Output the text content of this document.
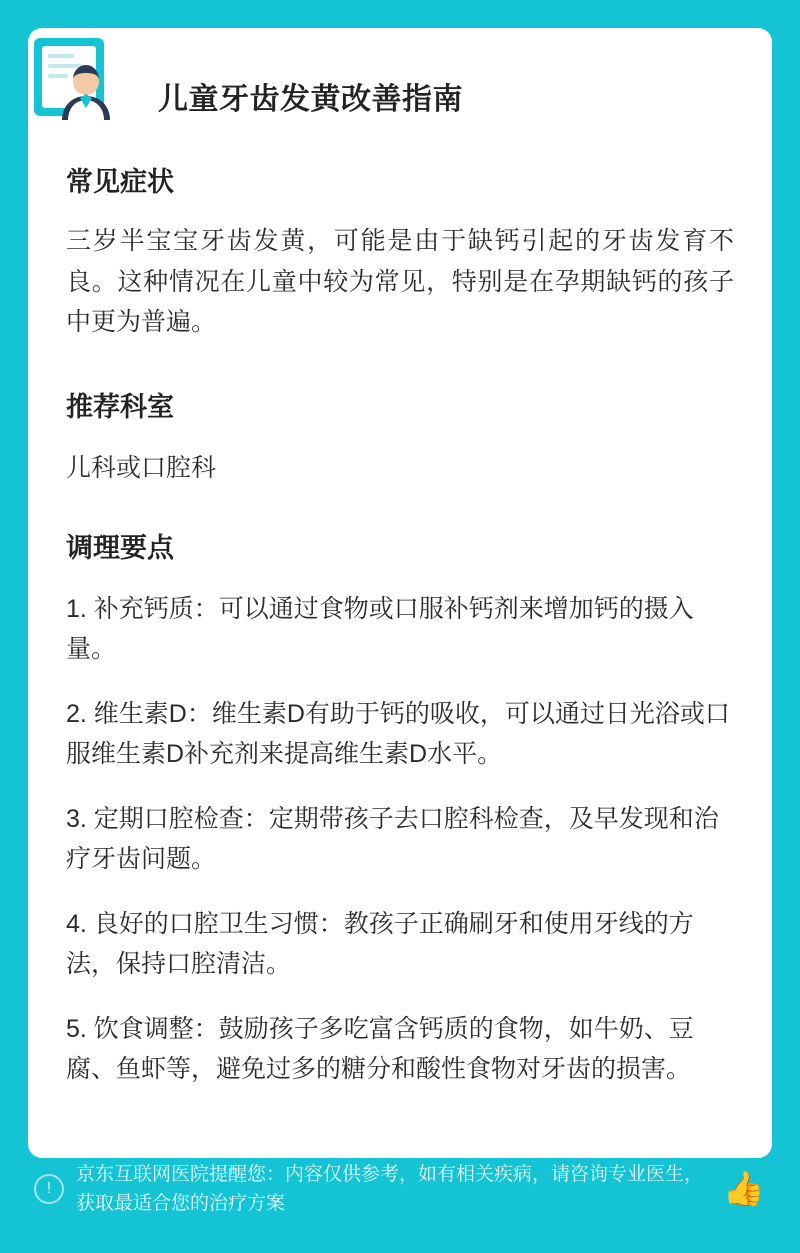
儿童牙齿发黄改善指南
常见症状

三岁半宝宝牙齿发黄，可能是由于缺钙引起的牙齿发育不良。这种情况在儿童中较为常见，特别是在孕期缺钙的孩子中更为普遍。

推荐科室

儿科或口腔科

调理要点
1. 补充钙质：可以通过食物或口服补钙剂来增加钙的摄入量。
2. 维生素D：维生素D有助于钙的吸收，可以通过日光浴或口服维生素D补充剂来提高维生素D水平。
3. 定期口腔检查：定期带孩子去口腔科检查，及早发现和治疗牙齿问题。
4. 良好的口腔卫生习惯：教孩子正确刷牙和使用牙线的方法，保持口腔清洁。
5. 饮食调整：鼓励孩子多吃富含钙质的食物，如牛奶、豆腐、鱼虾等，避免过多的糖分和酸性食物对牙齿的损害。
!
京东互联网医院提醒您：内容仅供参考，如有相关疾病，请咨询专业医生，获取最适合您的治疗方案	👍
